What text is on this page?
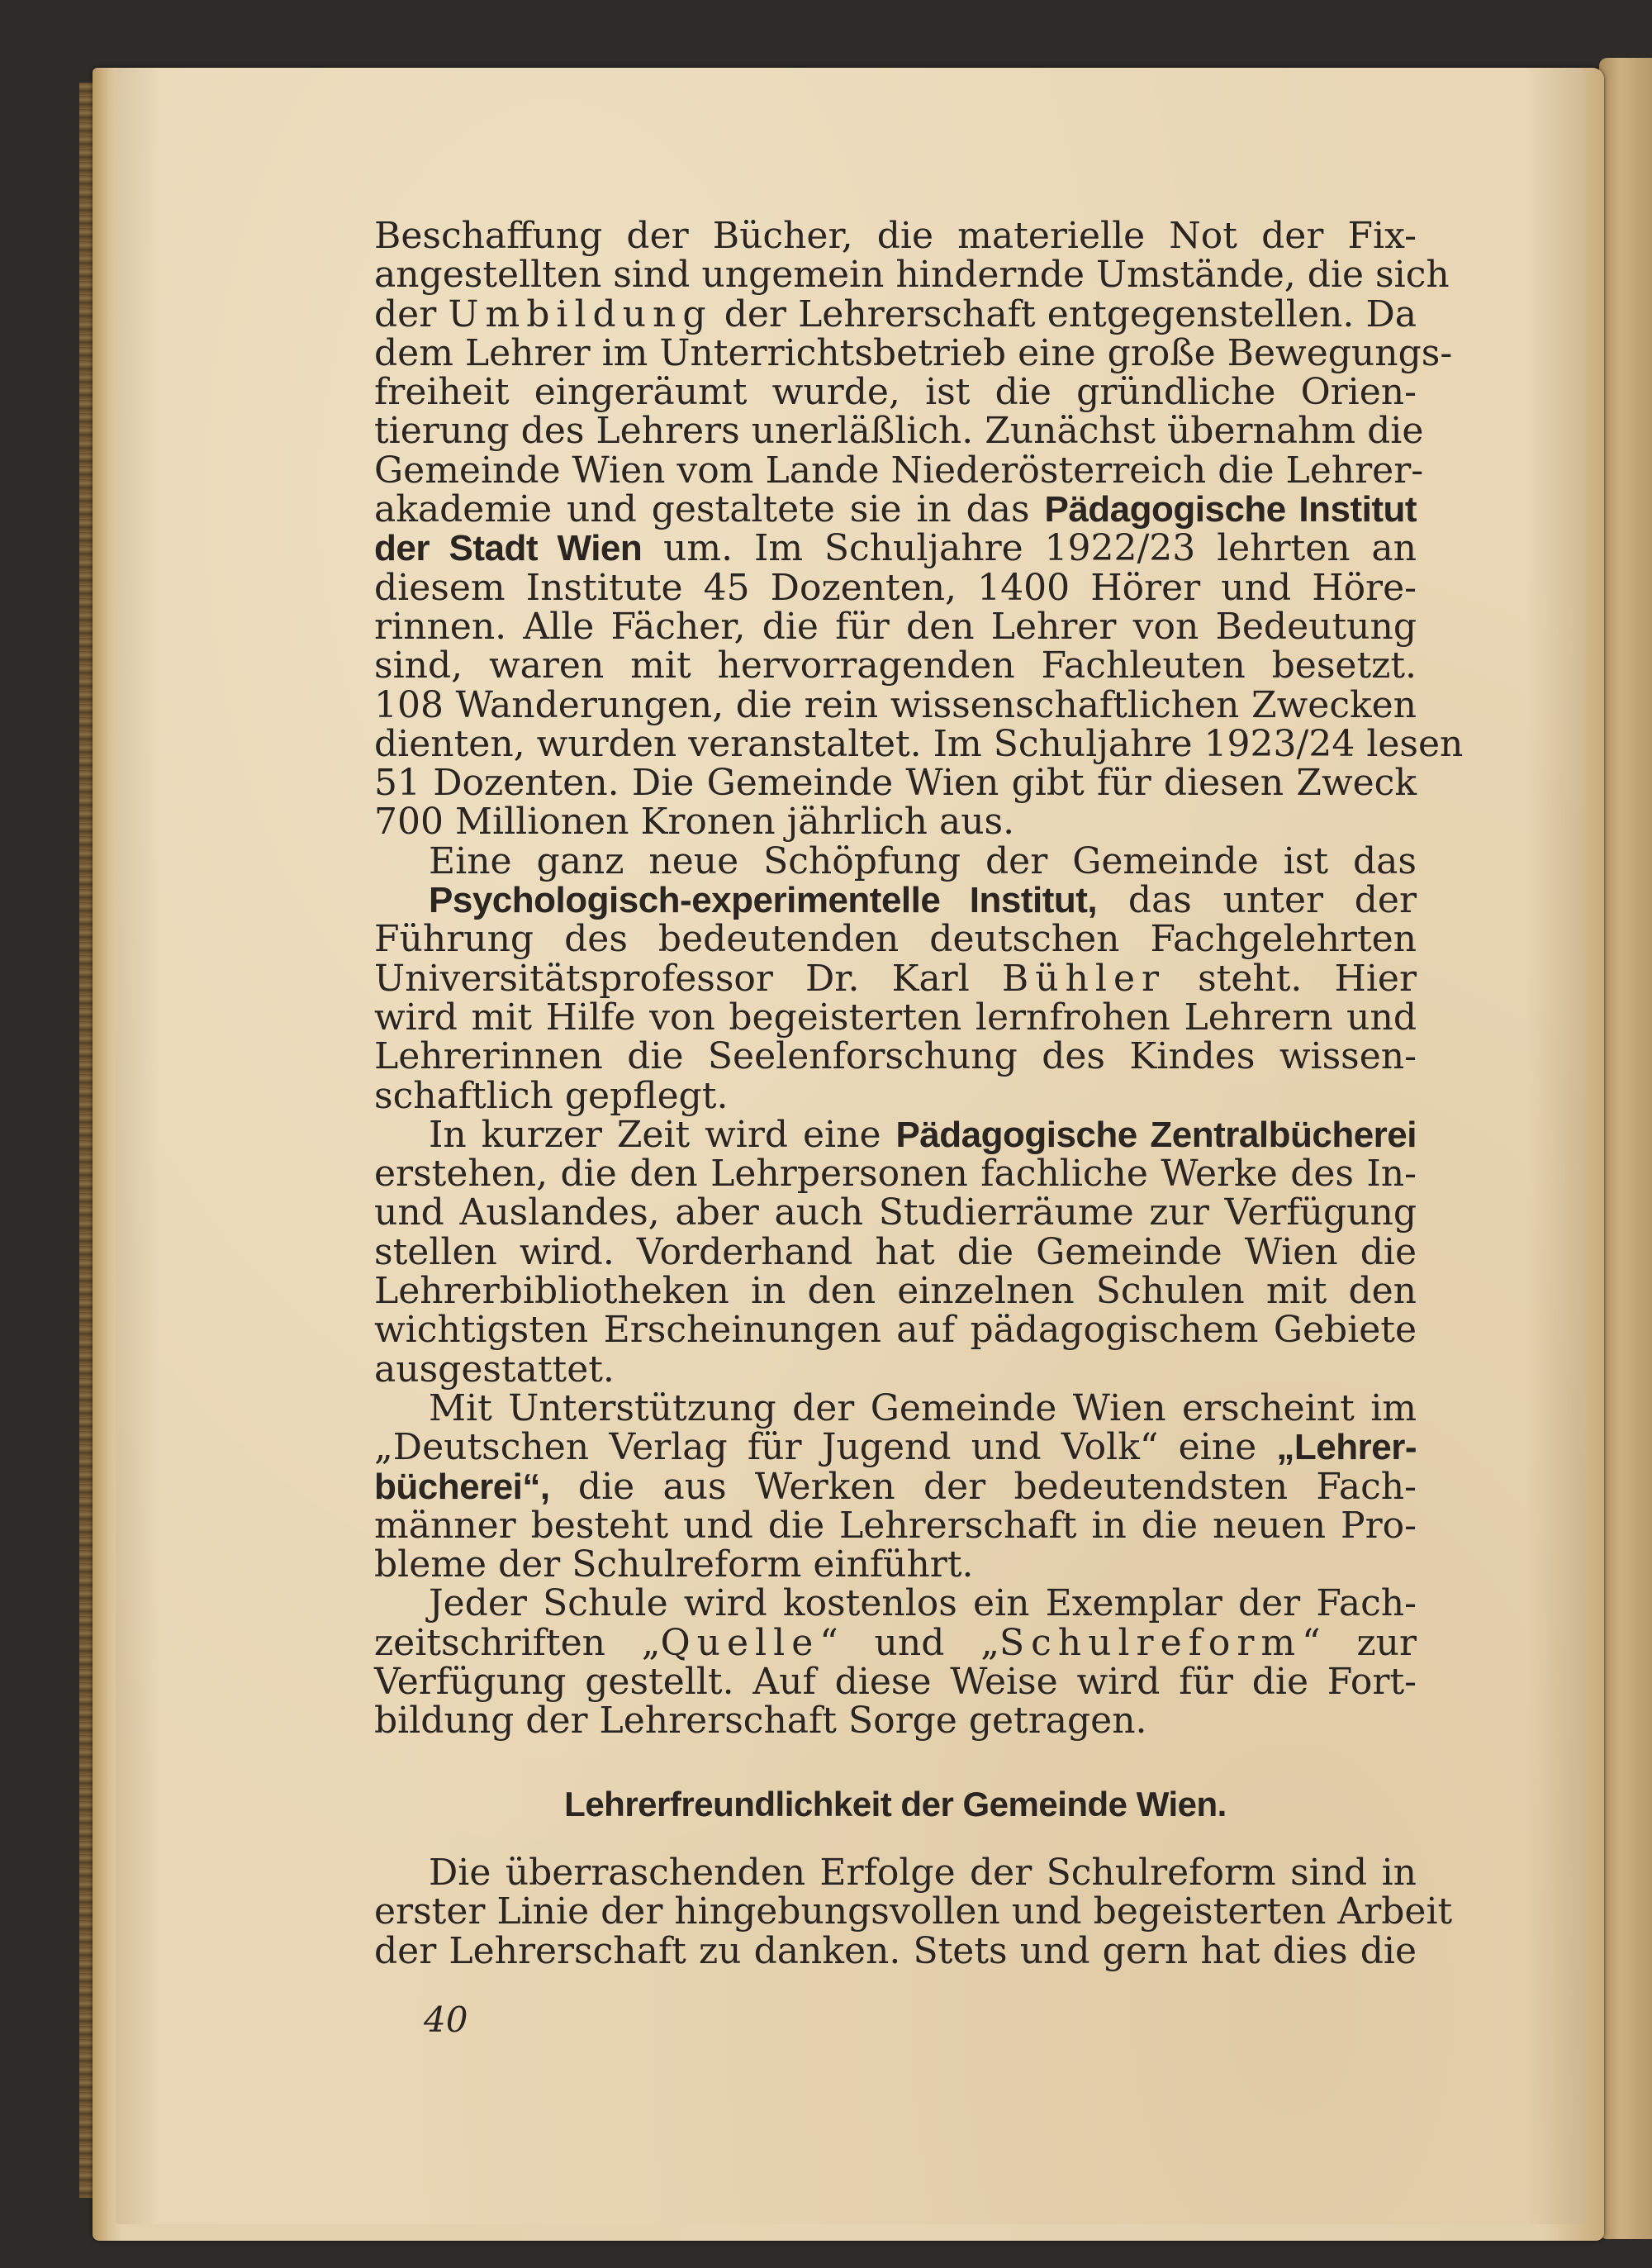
Beschaffung der Bücher, die materielle Not der Fix-
angestellten sind ungemein hindernde Umstände, die sich
der Umbildung der Lehrerschaft entgegenstellen. Da
dem Lehrer im Unterrichtsbetrieb eine große Bewegungs-
freiheit eingeräumt wurde, ist die gründliche Orien-
tierung des Lehrers unerläßlich. Zunächst übernahm die
Gemeinde Wien vom Lande Niederösterreich die Lehrer-
akademie und gestaltete sie in das Pädagogische Institut
der Stadt Wien um. Im Schuljahre 1922/23 lehrten an
diesem Institute 45 Dozenten, 1400 Hörer und Höre-
rinnen. Alle Fächer, die für den Lehrer von Bedeutung
sind, waren mit hervorragenden Fachleuten besetzt.
108 Wanderungen, die rein wissenschaftlichen Zwecken
dienten, wurden veranstaltet. Im Schuljahre 1923/24 lesen
51 Dozenten. Die Gemeinde Wien gibt für diesen Zweck
700 Millionen Kronen jährlich aus.
Eine ganz neue Schöpfung der Gemeinde ist das
Psychologisch-experimentelle Institut, das unter der
Führung des bedeutenden deutschen Fachgelehrten
Universitätsprofessor Dr. Karl Bühler steht. Hier
wird mit Hilfe von begeisterten lernfrohen Lehrern und
Lehrerinnen die Seelenforschung des Kindes wissen-
schaftlich gepflegt.
In kurzer Zeit wird eine Pädagogische Zentralbücherei
erstehen, die den Lehrpersonen fachliche Werke des In-
und Auslandes, aber auch Studierräume zur Verfügung
stellen wird. Vorderhand hat die Gemeinde Wien die
Lehrerbibliotheken in den einzelnen Schulen mit den
wichtigsten Erscheinungen auf pädagogischem Gebiete
ausgestattet.
Mit Unterstützung der Gemeinde Wien erscheint im
„Deutschen Verlag für Jugend und Volk“ eine „Lehrer-
bücherei“, die aus Werken der bedeutendsten Fach-
männer besteht und die Lehrerschaft in die neuen Pro-
bleme der Schulreform einführt.
Jeder Schule wird kostenlos ein Exemplar der Fach-
zeitschriften „Quelle“ und „Schulreform“ zur
Verfügung gestellt. Auf diese Weise wird für die Fort-
bildung der Lehrerschaft Sorge getragen.
Lehrerfreundlichkeit der Gemeinde Wien.
Die überraschenden Erfolge der Schulreform sind in
erster Linie der hingebungsvollen und begeisterten Arbeit
der Lehrerschaft zu danken. Stets und gern hat dies die
40
